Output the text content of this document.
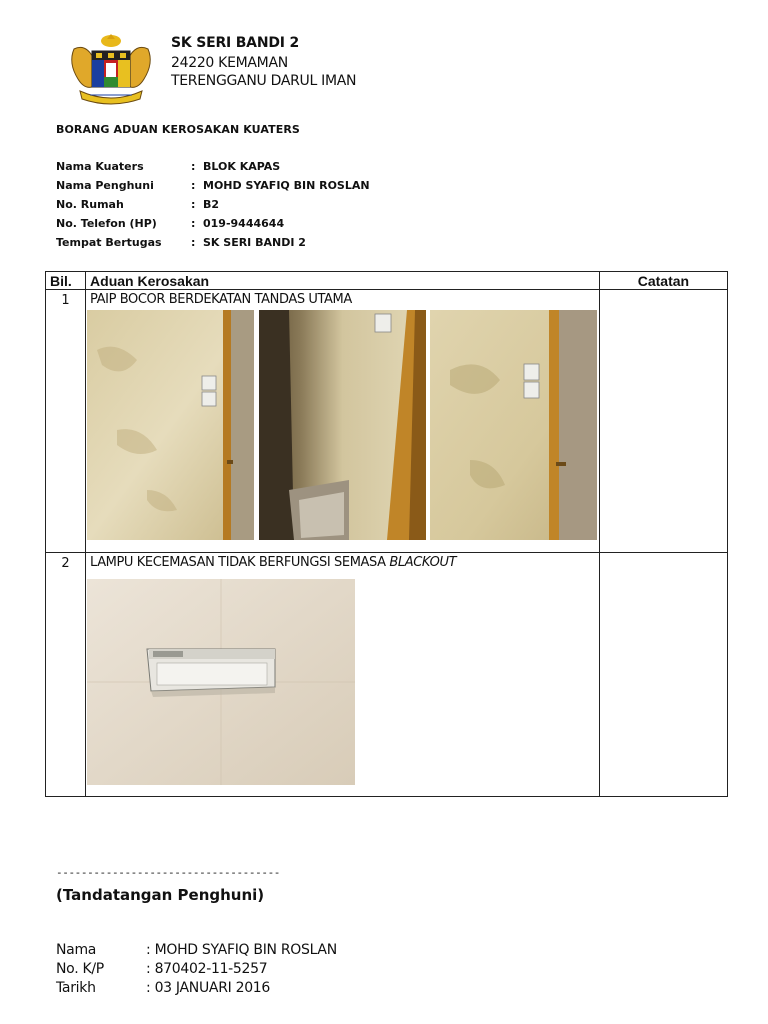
SK SERI BANDI 2
24220 KEMAMAN
TERENGGANU DARUL IMAN
BORANG ADUAN KEROSAKAN KUATERS
Nama Kuaters	: BLOK KAPAS
Nama Penghuni	: MOHD SYAFIQ BIN ROSLAN
No. Rumah	: B2
No. Telefon (HP)	: 019-9444644
Tempat Bertugas	: SK SERI BANDI 2
Bil.	Aduan Kerosakan	Catatan
1	PAIP BOCOR BERDEKATAN TANDAS UTAMA	
2	LAMPU KECEMASAN TIDAK BERFUNGSI SEMASA BLACKOUT	
------------------------------------
(Tandatangan Penghuni)
Nama	: MOHD SYAFIQ BIN ROSLAN
No. K/P	: 870402-11-5257
Tarikh	: 03 JANUARI 2016
